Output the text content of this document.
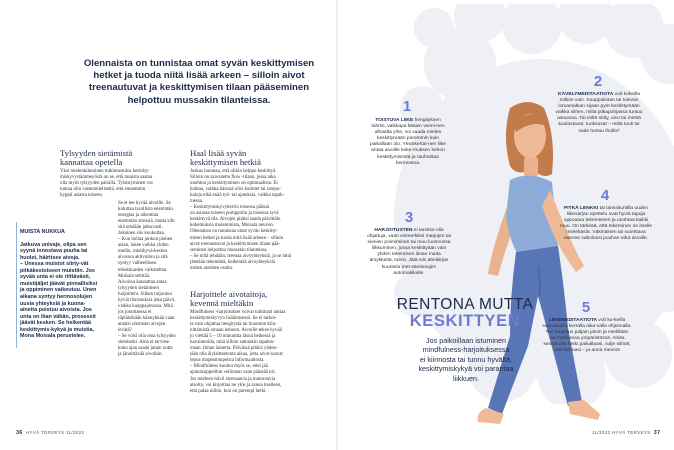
Olennaista on tunnistaa omat syvän keskittymisen hetket ja tuoda niitä lisää arkeen – silloin aivot treenautuvat ja keskittymisen tilaan pääseminen helpottuu mussakin tilanteissa.
Tylsyyden sietämistä
kannattaa opetella

Yksi mielenkiintoinen tutkimustulos keskitty-
miskyvystämmeyöstä on se, että tasaista saatua
olla myös tylsyyden paloilla. Tylsistyminen voi
tuntua niin vastenmieliseltä, että ennemmin
hyppii asiasta toiseen.

Se et tee hyvää aivoille. Se kuluttaa tavallista enemmän energiaa ja aiheuttaa enemmän stressiä, mutta silti sitä tehdään jatkuvasti. Jokainen siis koukuttaa.
– Kun hoitaa jonkun pienen asian, lukee vaikka yhden meilin, mielihyvä-keskus aivoissa aktivoituu ja sitä syntyy valheellinen tehokkuuden vaikutelma. Moisala selittää.
Aivoissa kannattaa antaa tylsyyden sietämisen harjoittelu. Siihen tarjoutuu hyviä tilaisuuksia joka päivä, vaikka kauppajonossa. Mitä jos jonottaessa ei räpläisikään kännykkää vaan antaisi olemisen aivojen levätä?
– Se voisi olla oma tylsyyden sietohetki. Aina ei tarvitse koko ajan saada jotain uutta ja jännittävää aivoihin.

MUISTA NUKKUA

Jatkuva univaje, olipa sen syynä innostava puuha tai huolet, häiritsee aivoja.
– Unessa muistot siirty-vät pitkäkestoiseen muistiin. Jos syvää unta ei ole riittävästi, muistijäljet jäävät pinnallisiksi ja oppiminen vaikeutuu. Unen aikana syntyy hermosolujen uusia yhteyksiä ja kuona-aineita poistuu aivoista. Jos unta on liian vähän, prosessit jäävät kesken. Se heikentää keskittymis-kykyä ja muistia, Mona Moisala perustelee.

Haal lisää syvän
keskittymisen hetkiä

Joskus huomaa, että olikin helppo keskittyä.
Silloin on saavutettu flow -tilaan, jossa aika
unohtuu ja keskittyminen on optimaalista. Ei
haittaa, vaikka käsissä olisi kotimet tai rampu-
kaloja eikä enää työ- tai ajatuksia, vaikka tapah-
tuessa.
– Keskittymiskyvykerrin toisessa päässä
on asiassa toiseen pomppoilu ja toisessa syvä
keskittyvä tila. Aivojen pitäisi saada päivittäin
kokemuksia molemmista, Moisala neuvoo.
Olennaista on tunnistaa omat syvän keskitty-
misen hetket ja tuoda niitä lisää arkeen – silloin
aivot treenautuvat ja keskittymisen tilaan pää-
seminen helpottuu mussakin tilanteissa.
– Se mitä tehdään, treenaa aivoyhteyksiä, ja se mitä
jätetään tekemättä, heikentää aivoyhteyksiä
miden aiotiden osalta.

Harjoittele aivotaitoja,
kevennä mieltäkin

Mindfulness -harjoitukset voivat tutkitusti auttaa
keskittymiskyvyn lisäämisessä. Se ei tarkoi-
ta vain ohjattua hengitystä tai huomion kiin-
nittämistä omaan kehoon. Aivoille tekee hyvää
jo viettää 5 – 10 minuuttia läsnä hetkessä ja
havainnoida, mitä silloin sattuukin tapahtu-
maan. Ilman lainerta. Päivässä pitäisi yhden-
tään olla älylaitteetonta aikaa, jotta aivot saavat
lepoa mopeammpeista informaatiosta.
– Mindfulness kuuluu myös se, ettei jää
ajatuskuppelihin velloman vaan päästää irti.
Jos mieleen tulvii stressaavia ja mutoroavia
aisoita, voi kirjoittaa ne ylös ja sanoa itselleen,
että palaa niihin, kun on parempi hetki.

36 HYVÄ TERVEYS 11/2022
1
TOISTUVA LIIKE hengityksen tahtiin, vaikkapa käsien viemi-nen alhaalta ylös, voi saada mielen keskittymään paremmin kuin paikallaan olo. Yksinkertai-nen liike antaa aivoille koke-muksen kehon keskittymisestä ja rauhoittaa hermostoa.
2
KÄVELYMEDITAATIOTA voit kokeilla milloin vain. Kauppalistan tai tulevan lomamatkan sijaan pyrit keskittymään vaikka siihen, miltä jalkapohjassa tuntuu astuessa. Tai miltä niitty, vesi tai metsä kuulostavat, tuoksuvat – miltä tuuli tai sade tuntuu iholla?
3
HARJOITUSTEN ei tarvitse olla ohjattuja, vaan esimerkiksi marjojen tai sienien poimiminen tai muu luonnossa liikkuminen, jossa keskittyään vain yhden tekemisen ilman muita ärsykkeitä, toimii. Jätä siis äänikirjan kuuntelu met-säreissujen automatiikalle.
4
PITKÄ LENKKI tai tanssituntilla uuden liikesarjan opettelu ovat hyviä tapoja uppoutua tekemiseen ja unohtaa kaikki muu. On tärkeää, että tekeminen on itselle mielekästä. Väkinäinen tai suorittava asenne saboitoisi puuhan edut aivoille.
5
LIIKEMEDITAATIOTA voit ko-keilla seuraavalla kerralla aika-valla ohjeimalla. Tee harjoitus paljain jaloin ja mieliilään rau-hallisessa ympäristössä. Aloita seisomalla hetki paikallaasi, sulje silmät, aisti kehoasi – ja anna mennä!
RENTONA MUTTA
KESKITTYEN
Jos paikoillaan istuminen
mindfulness-harjoituksessa
ei kiinnosta tai tunnu hyvältä,
keskittymiskykyä voi parantaa
liikkuen.
11/2022 HYVÄ TERVEYS 37
